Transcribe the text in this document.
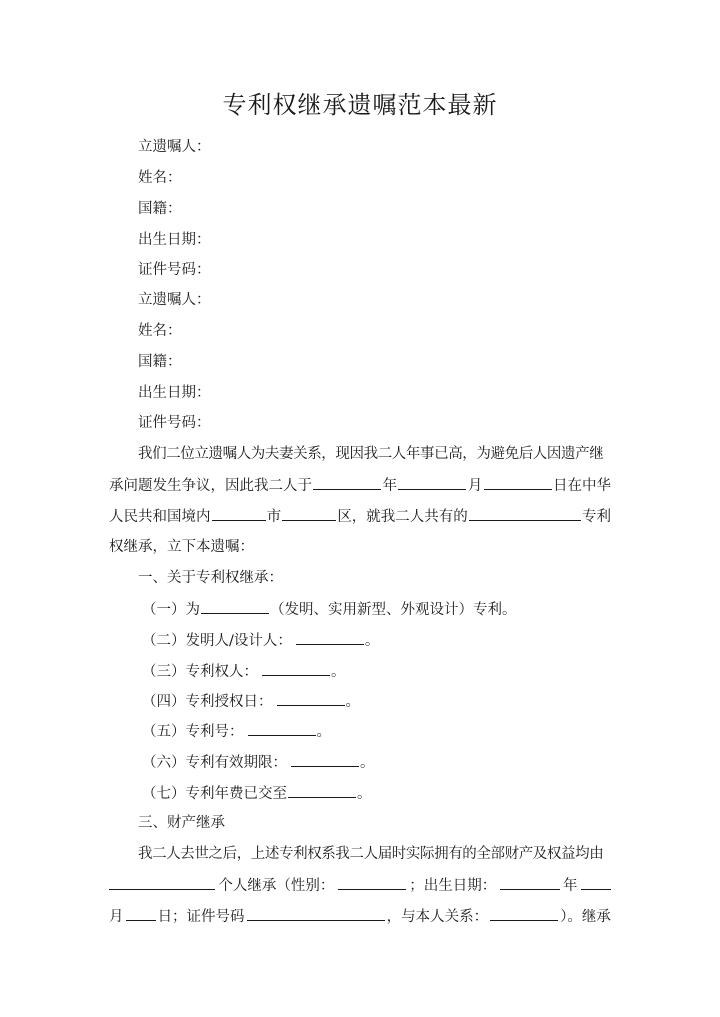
专利权继承遗嘱范本最新
立遗嘱人：
姓名：
国籍：
出生日期：
证件号码：
立遗嘱人：
姓名：
国籍：
出生日期：
证件号码：
我们二位立遗嘱人为夫妻关系，现因我二人年事已高，为避免后人因遗产继
承问题发生争议，因此我二人于	年	月	日在中华
人民共和国境内	市	区，就我二人共有的	专利
权继承，立下本遗嘱：
一、关于专利权继承：
（一）为	（发明、实用新型、外观设计）专利。
（二）发明人/设计人：	。
（三）专利权人：	。
（四）专利授权日：	。
（五）专利号：	。
（六）专利有效期限：	。
（七）专利年费已交至	。
三、财产继承
我二人去世之后，上述专利权系我二人届时实际拥有的全部财产及权益均由
个人继承（性别：	；出生日期：	年
月 日；证件号码	，与本人关系：	）。继承
